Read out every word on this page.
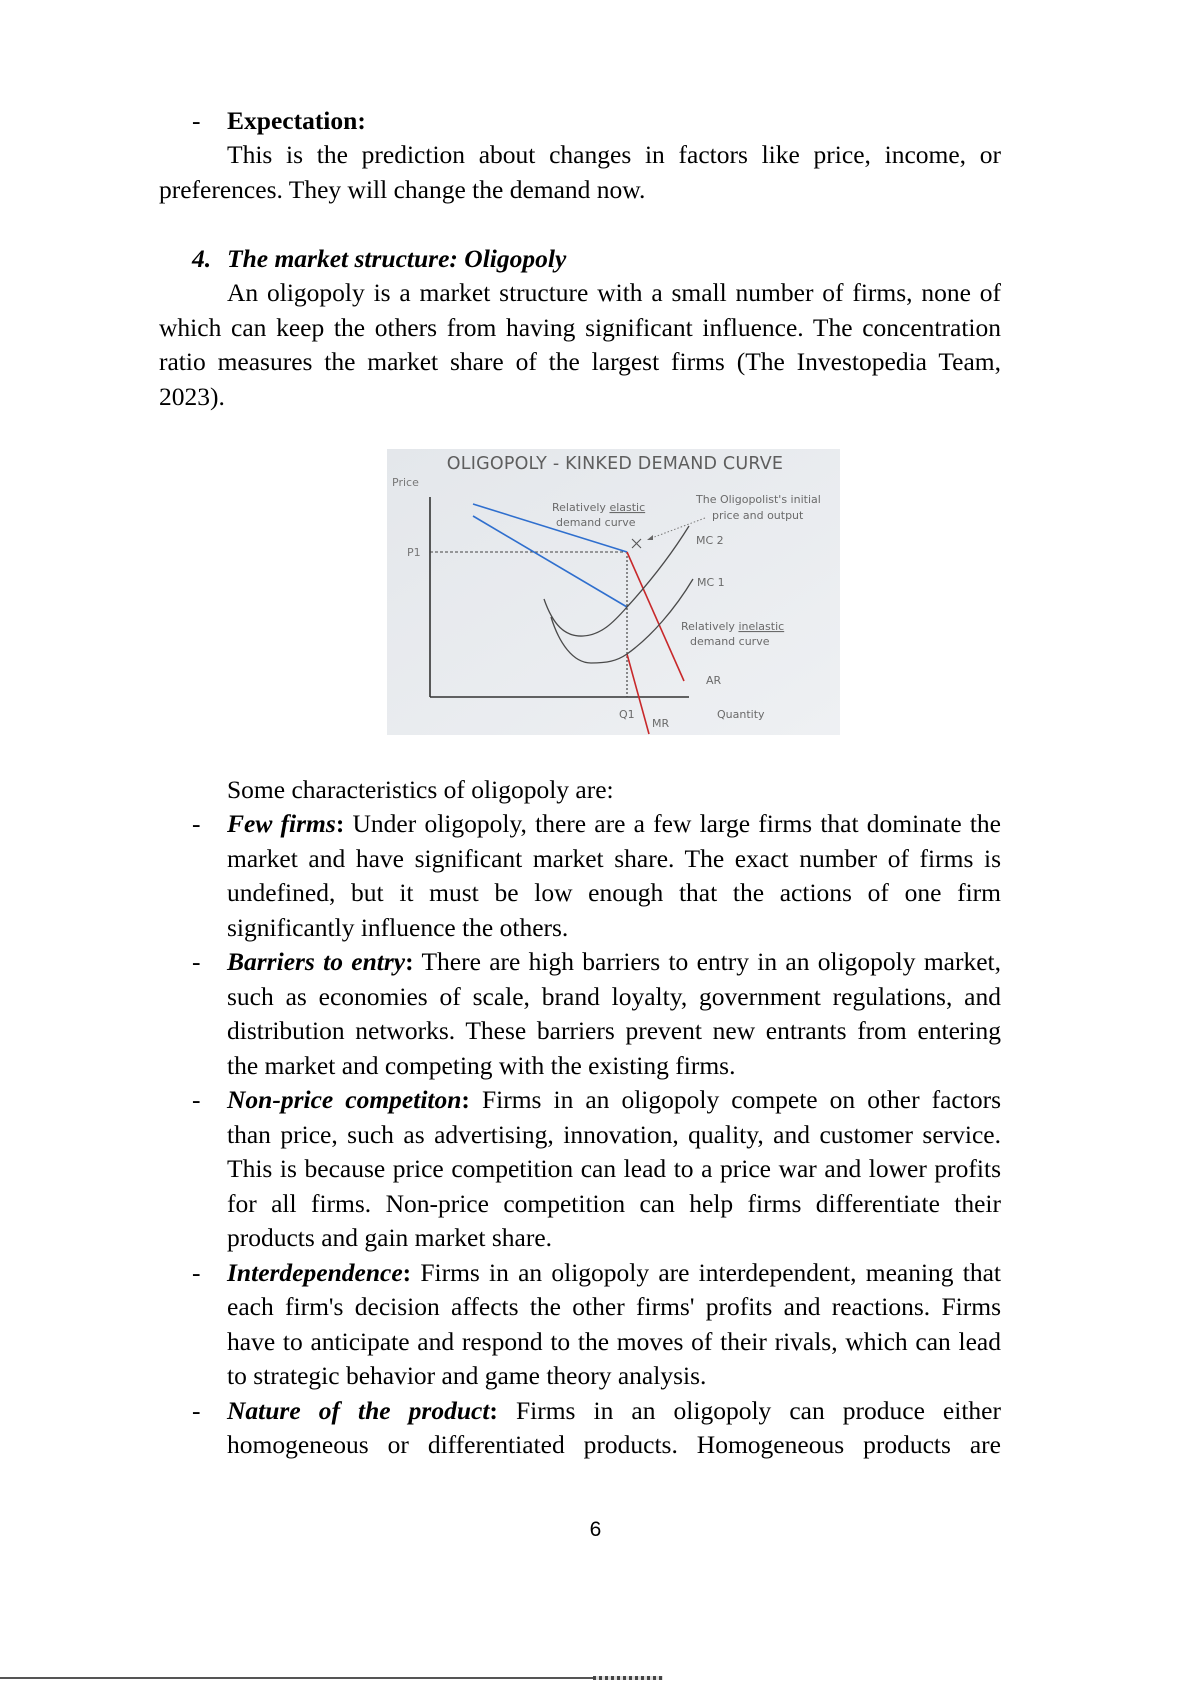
- Expectation:
This is the prediction about changes in factors like price, income, or
preferences. They will change the demand now.
4. The market structure: Oligopoly
An oligopoly is a market structure with a small number of firms, none of
which can keep the others from having significant influence. The concentration
ratio measures the market share of the largest firms (The Investopedia Team,
2023).
OLIGOPOLY - KINKED DEMAND CURVE
Price
P1
Relatively elastic
demand curve
The Oligopolist's initial
price and output
MC 2
MC 1
Relatively inelastic
demand curve
AR
Q1	Quantity
MR
Some characteristics of oligopoly are:
- Few firms: Under oligopoly, there are a few large firms that dominate the
market and have significant market share. The exact number of firms is
undefined, but it must be low enough that the actions of one firm
significantly influence the others.
- Barriers to entry: There are high barriers to entry in an oligopoly market,
such as economies of scale, brand loyalty, government regulations, and
distribution networks. These barriers prevent new entrants from entering
the market and competing with the existing firms.
- Non-price competiton: Firms in an oligopoly compete on other factors
than price, such as advertising, innovation, quality, and customer service.
This is because price competition can lead to a price war and lower profits
for all firms. Non-price competition can help firms differentiate their
products and gain market share.
- Interdependence: Firms in an oligopoly are interdependent, meaning that
each firm's decision affects the other firms' profits and reactions. Firms
have to anticipate and respond to the moves of their rivals, which can lead
to strategic behavior and game theory analysis.
- Nature of the product: Firms in an oligopoly can produce either
homogeneous or differentiated products. Homogeneous products are
6
